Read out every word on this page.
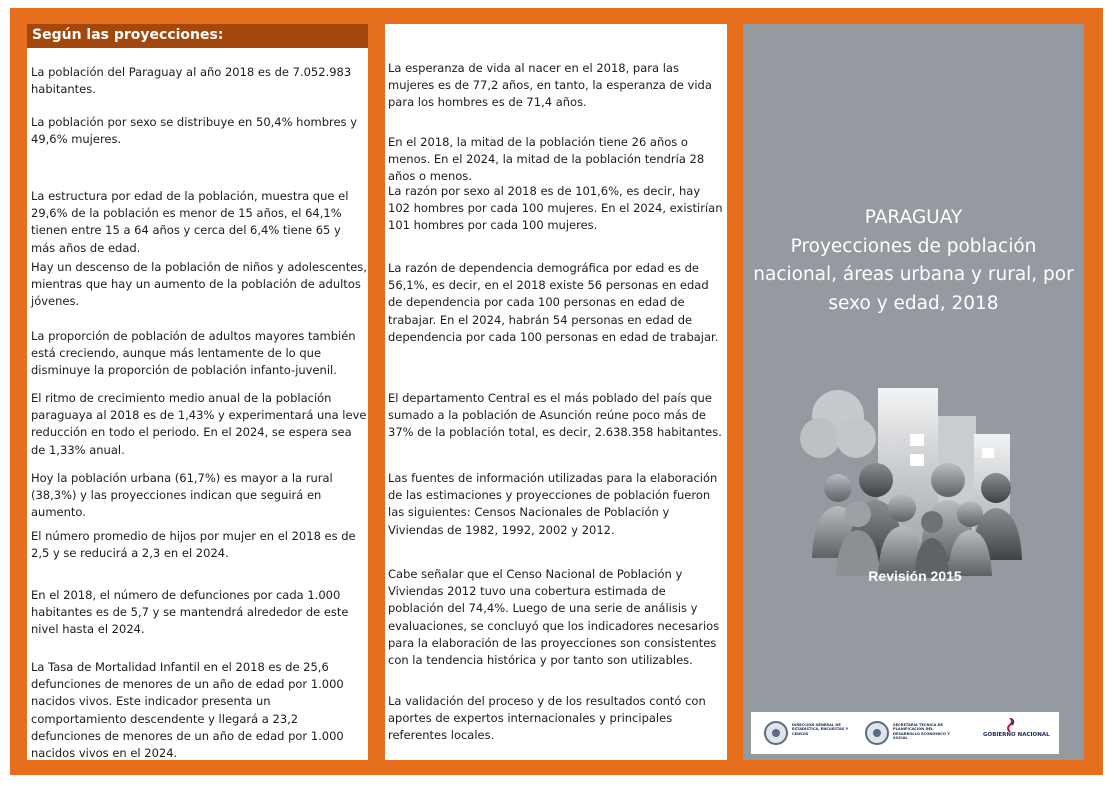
Según las proyecciones:

La población del Paraguay al año 2018 es de 7.052.983 habitantes.

La población por sexo se distribuye en 50,4% hombres y 49,6% mujeres.

La estructura por edad de la población, muestra que el 29,6% de la población es menor de 15 años, el 64,1% tienen entre 15 a 64 años y cerca del 6,4% tiene 65 y más años de edad.

Hay un descenso de la población de niños y adolescentes, mientras que hay un aumento de la población de adultos jóvenes.

La proporción de población de adultos mayores también está creciendo, aunque más lentamente de lo que disminuye la proporción de población infanto-juvenil.

El ritmo de crecimiento medio anual de la población paraguaya al 2018 es de 1,43% y experimentará una leve reducción en todo el periodo. En el 2024, se espera sea de 1,33% anual.

Hoy la población urbana (61,7%) es mayor a la rural (38,3%) y las proyecciones indican que seguirá en aumento.

El número promedio de hijos por mujer en el 2018 es de 2,5 y se reducirá a 2,3 en el 2024.

En el 2018, el número de defunciones por cada 1.000 habitantes es de 5,7 y se mantendrá alrededor de este nivel hasta el 2024.

La Tasa de Mortalidad Infantil en el 2018 es de 25,6 defunciones de menores de un año de edad por 1.000 nacidos vivos. Este indicador presenta un comportamiento descendente y llegará a 23,2 defunciones de menores de un año de edad por 1.000 nacidos vivos en el 2024.

La esperanza de vida al nacer en el 2018, para las mujeres es de 77,2 años, en tanto, la esperanza de vida para los hombres es de 71,4 años.

En el 2018, la mitad de la población tiene 26 años o menos. En el 2024, la mitad de la población tendría 28 años o menos.

La razón por sexo al 2018 es de 101,6%, es decir, hay 102 hombres por cada 100 mujeres. En el 2024, existirían 101 hombres por cada 100 mujeres.

La razón de dependencia demográfica por edad es de 56,1%, es decir, en el 2018 existe 56 personas en edad de dependencia por cada 100 personas en edad de trabajar. En el 2024, habrán 54 personas en edad de dependencia por cada 100 personas en edad de trabajar.

El departamento Central es el más poblado del país que sumado a la población de Asunción reúne poco más de 37% de la población total, es decir, 2.638.358 habitantes.

Las fuentes de información utilizadas para la elaboración de las estimaciones y proyecciones de población fueron las siguientes: Censos Nacionales de Población y Viviendas de 1982, 1992, 2002 y 2012.

Cabe señalar que el Censo Nacional de Población y Viviendas 2012 tuvo una cobertura estimada de población del 74,4%. Luego de una serie de análisis y evaluaciones, se concluyó que los indicadores necesarios para la elaboración de las proyecciones son consistentes con la tendencia histórica y por tanto son utilizables.

La validación del proceso y de los resultados contó con aportes de expertos internacionales y principales referentes locales.

PARAGUAY
Proyecciones de población
nacional, áreas urbana y rural, por
sexo y edad, 2018
Revisión 2015
DIRECCIÓN GENERAL DE ESTADÍSTICA, ENCUESTAS Y CENSOS
SECRETARÍA TÉCNICA DE PLANIFICACIÓN DEL DESARROLLO ECONÓMICO Y SOCIAL
GOBIERNO NACIONAL
